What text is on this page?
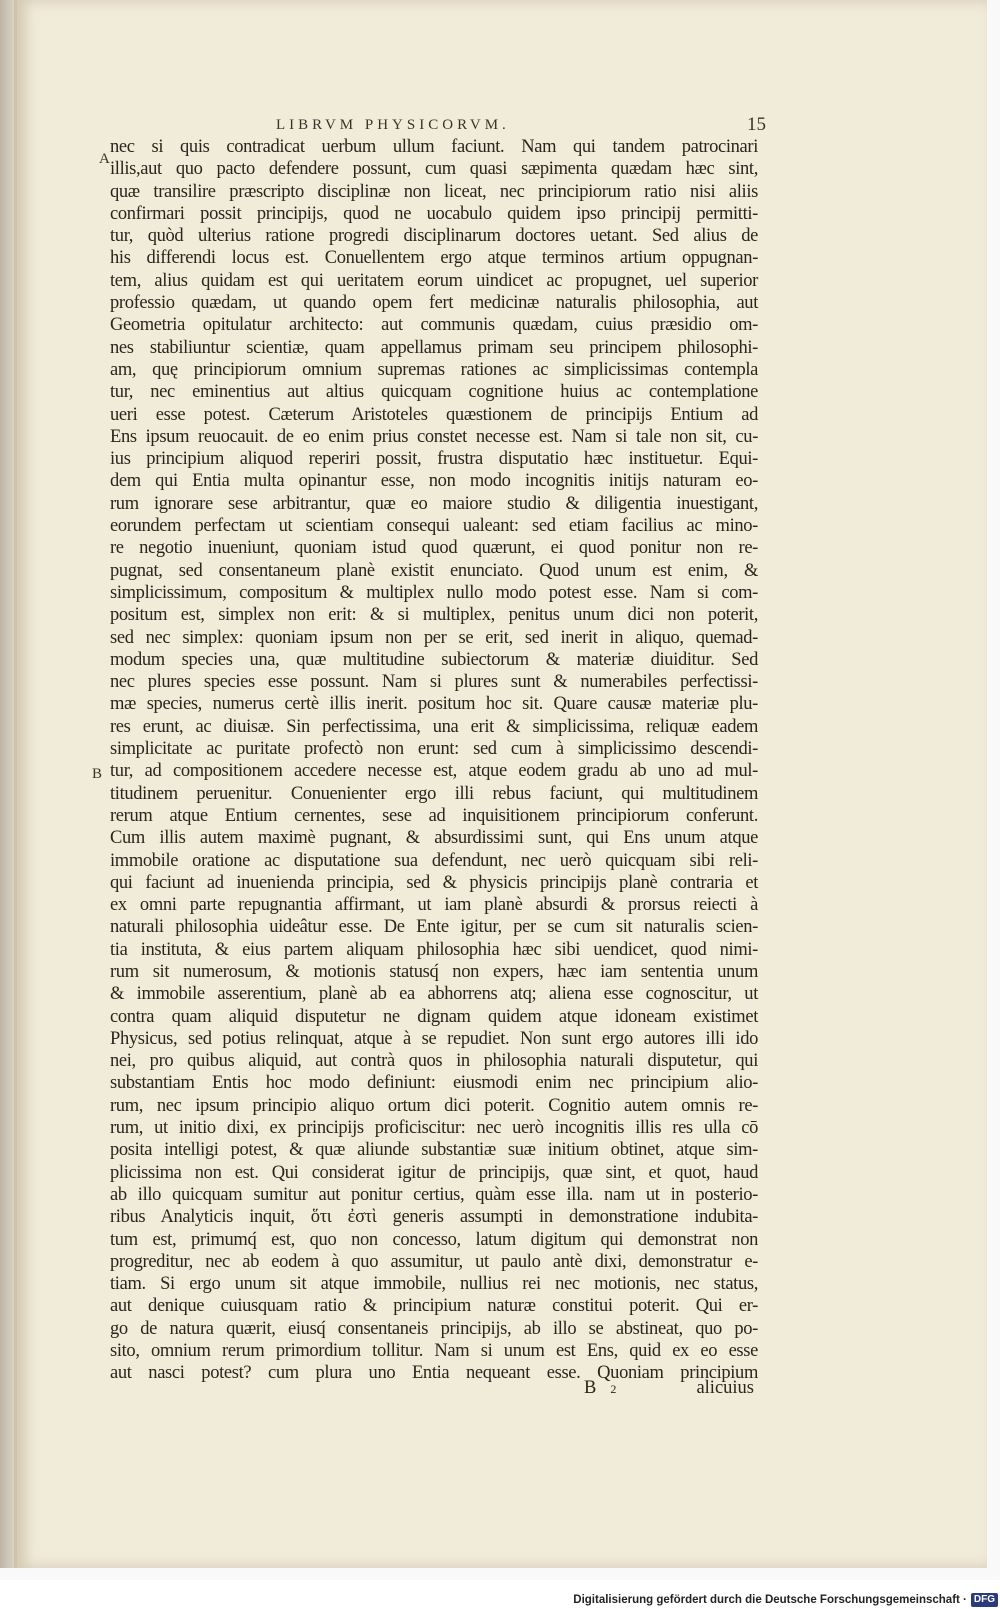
LIBRVM PHYSICORVM.	15
A
B
nec si quis contradicat uerbum ullum faciunt. Nam qui tandem patrocinari
illis,aut quo pacto defendere possunt, cum quasi sæpimenta quædam hæc sint,
quæ transilire præscripto disciplinæ non liceat, nec principiorum ratio nisi aliis
confirmari possit principijs, quod ne uocabulo quidem ipso principij permitti-
tur, quòd ulterius ratione progredi disciplinarum doctores uetant. Sed alius de
his differendi locus est. Conuellentem ergo atque terminos artium oppugnan-
tem, alius quidam est qui ueritatem eorum uindicet ac propugnet, uel superior
professio quædam, ut quando opem fert medicinæ naturalis philosophia, aut
Geometria opitulatur architecto: aut communis quædam, cuius præsidio om-
nes stabiliuntur scientiæ, quam appellamus primam seu principem philosophi-
am, quę principiorum omnium supremas rationes ac simplicissimas contempla
tur, nec eminentius aut altius quicquam cognitione huius ac contemplatione
ueri esse potest. Cæterum Aristoteles quæstionem de principijs Entium ad
Ens ipsum reuocauit. de eo enim prius constet necesse est. Nam si tale non sit, cu-
ius principium aliquod reperiri possit, frustra disputatio hæc instituetur. Equi-
dem qui Entia multa opinantur esse, non modo incognitis initijs naturam eo-
rum ignorare sese arbitrantur, quæ eo maiore studio & diligentia inuestigant,
eorundem perfectam ut scientiam consequi ualeant: sed etiam facilius ac mino-
re negotio inueniunt, quoniam istud quod quærunt, ei quod ponitur non re-
pugnat, sed consentaneum planè existit enunciato. Quod unum est enim, &
simplicissimum, compositum & multiplex nullo modo potest esse. Nam si com-
positum est, simplex non erit: & si multiplex, penitus unum dici non poterit,
sed nec simplex: quoniam ipsum non per se erit, sed inerit in aliquo, quemad-
modum species una, quæ multitudine subiectorum & materiæ diuiditur. Sed
nec plures species esse possunt. Nam si plures sunt & numerabiles perfectissi-
mæ species, numerus certè illis inerit. positum hoc sit. Quare causæ materiæ plu-
res erunt, ac diuisæ. Sin perfectissima, una erit & simplicissima, reliquæ eadem
simplicitate ac puritate profectò non erunt: sed cum à simplicissimo descendi-
tur, ad compositionem accedere necesse est, atque eodem gradu ab uno ad mul-
titudinem peruenitur. Conuenienter ergo illi rebus faciunt, qui multitudinem
rerum atque Entium cernentes, sese ad inquisitionem principiorum conferunt.
Cum illis autem maximè pugnant, & absurdissimi sunt, qui Ens unum atque
immobile oratione ac disputatione sua defendunt, nec uerò quicquam sibi reli-
qui faciunt ad inuenienda principia, sed & physicis principijs planè contraria et
ex omni parte repugnantia affirmant, ut iam planè absurdi & prorsus reiecti à
naturali philosophia uideâtur esse. De Ente igitur, per se cum sit naturalis scien-
tia instituta, & eius partem aliquam philosophia hæc sibi uendicet, quod nimi-
rum sit numerosum, & motionis statusq́ non expers, hæc iam sententia unum
& immobile asserentium, planè ab ea abhorrens atq; aliena esse cognoscitur, ut
contra quam aliquid disputetur ne dignam quidem atque idoneam existimet
Physicus, sed potius relinquat, atque à se repudiet. Non sunt ergo autores illi ido
nei, pro quibus aliquid, aut contrà quos in philosophia naturali disputetur, qui
substantiam Entis hoc modo definiunt: eiusmodi enim nec principium alio-
rum, nec ipsum principio aliquo ortum dici poterit. Cognitio autem omnis re-
rum, ut initio dixi, ex principijs proficiscitur: nec uerò incognitis illis res ulla cō
posita intelligi potest, & quæ aliunde substantiæ suæ initium obtinet, atque sim-
plicissima non est. Qui considerat igitur de principijs, quæ sint, et quot, haud
ab illo quicquam sumitur aut ponitur certius, quàm esse illa. nam ut in posterio-
ribus Analyticis inquit, ὅτι ἐστὶ generis assumpti in demonstratione indubita-
tum est, primumq́ est, quo non concesso, latum digitum qui demonstrat non
progreditur, nec ab eodem à quo assumitur, ut paulo antè dixi, demonstratur e-
tiam. Si ergo unum sit atque immobile, nullius rei nec motionis, nec status,
aut denique cuiusquam ratio & principium naturæ constitui poterit. Qui er-
go de natura quærit, eiusq́ consentaneis principijs, ab illo se abstineat, quo po-
sito, omnium rerum primordium tollitur. Nam si unum est Ens, quid ex eo esse
aut nasci potest? cum plura uno Entia nequeant esse. Quoniam principium
B 2	alicuius
Digitalisierung gefördert durch die Deutsche Forschungsgemeinschaft · DFG
